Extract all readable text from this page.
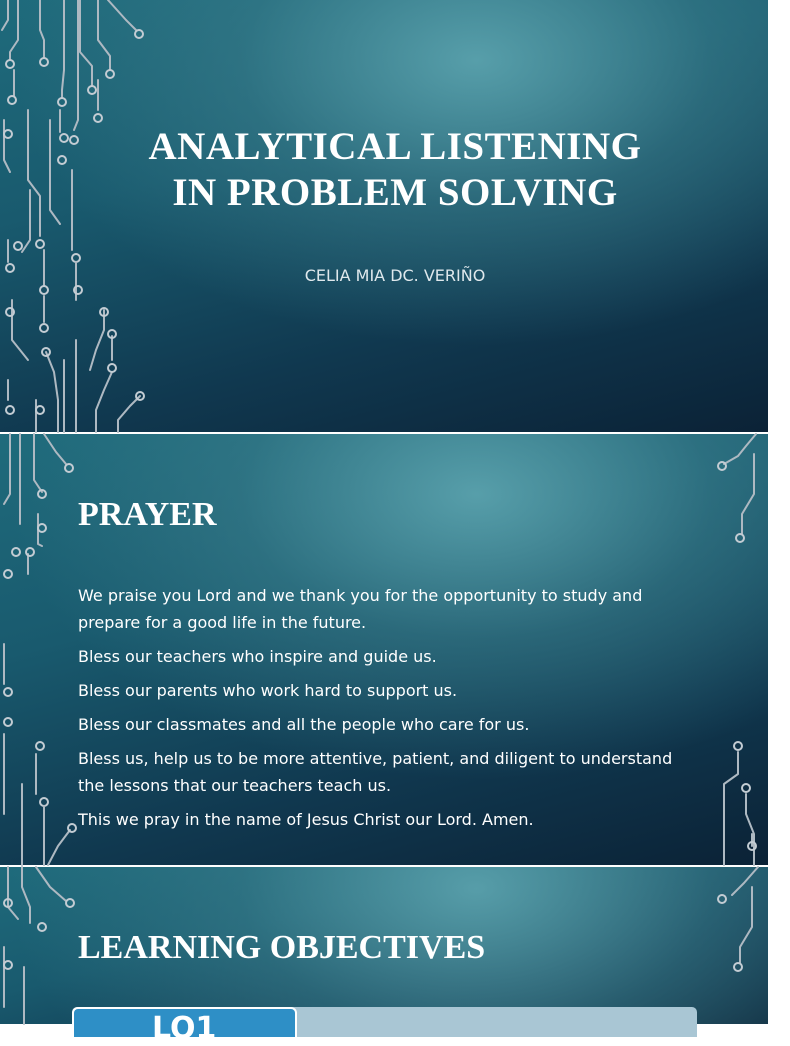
ANALYTICAL LISTENING
IN PROBLEM SOLVING
CELIA MIA DC. VERIÑO
PRAYER

We praise you Lord and we thank you for the opportunity to study and prepare for a good life in the future.

Bless our teachers who inspire and guide us.

Bless our parents who work hard to support us.

Bless our classmates and all the people who care for us.

Bless us, help us to be more attentive, patient, and diligent to understand the lessons that our teachers teach us.

This we pray in the name of Jesus Christ our Lord. Amen.

LEARNING OBJECTIVES
LO1
